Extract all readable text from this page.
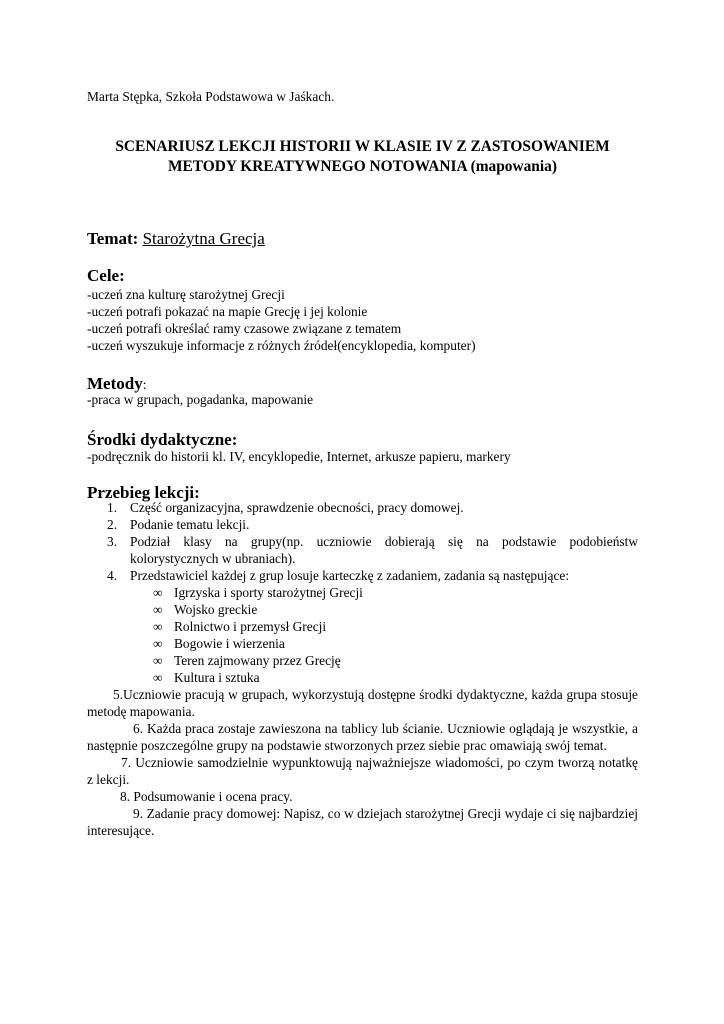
Marta Stępka, Szkoła Podstawowa w Jaśkach.
SCENARIUSZ LEKCJI HISTORII W KLASIE IV Z ZASTOSOWANIEM
METODY KREATYWNEGO NOTOWANIA (mapowania)
Temat: Starożytna Grecja
Cele:
-uczeń zna kulturę starożytnej Grecji
-uczeń potrafi pokazać na mapie Grecję i jej kolonie
-uczeń potrafi określać ramy czasowe związane z tematem
-uczeń wyszukuje informacje z różnych źródeł(encyklopedia, komputer)
Metody:
-praca w grupach, pogadanka, mapowanie
Środki dydaktyczne:
-podręcznik do historii kl. IV, encyklopedie, Internet, arkusze papieru, markery
Przebieg lekcji:
1. Część organizacyjna, sprawdzenie obecności, pracy domowej.
2. Podanie tematu lekcji.
3. Podział klasy na grupy(np. uczniowie dobierają się na podstawie podobieństw kolorystycznych w ubraniach).
4. Przedstawiciel każdej z grup losuje karteczkę z zadaniem, zadania są następujące:
∞ Igrzyska i sporty starożytnej Grecji
∞ Wojsko greckie
∞ Rolnictwo i przemysł Grecji
∞ Bogowie i wierzenia
∞ Teren zajmowany przez Grecję
∞ Kultura i sztuka
5.Uczniowie pracują w grupach, wykorzystują dostępne środki dydaktyczne, każda grupa stosuje metodę mapowania.
6. Każda praca zostaje zawieszona na tablicy lub ścianie. Uczniowie oglądają je wszystkie, a następnie poszczególne grupy na podstawie stworzonych przez siebie prac omawiają swój temat.
7. Uczniowie samodzielnie wypunktowują najważniejsze wiadomości, po czym tworzą notatkę z lekcji.
8. Podsumowanie i ocena pracy.
9. Zadanie pracy domowej: Napisz, co w dziejach starożytnej Grecji wydaje ci się najbardziej interesujące.
